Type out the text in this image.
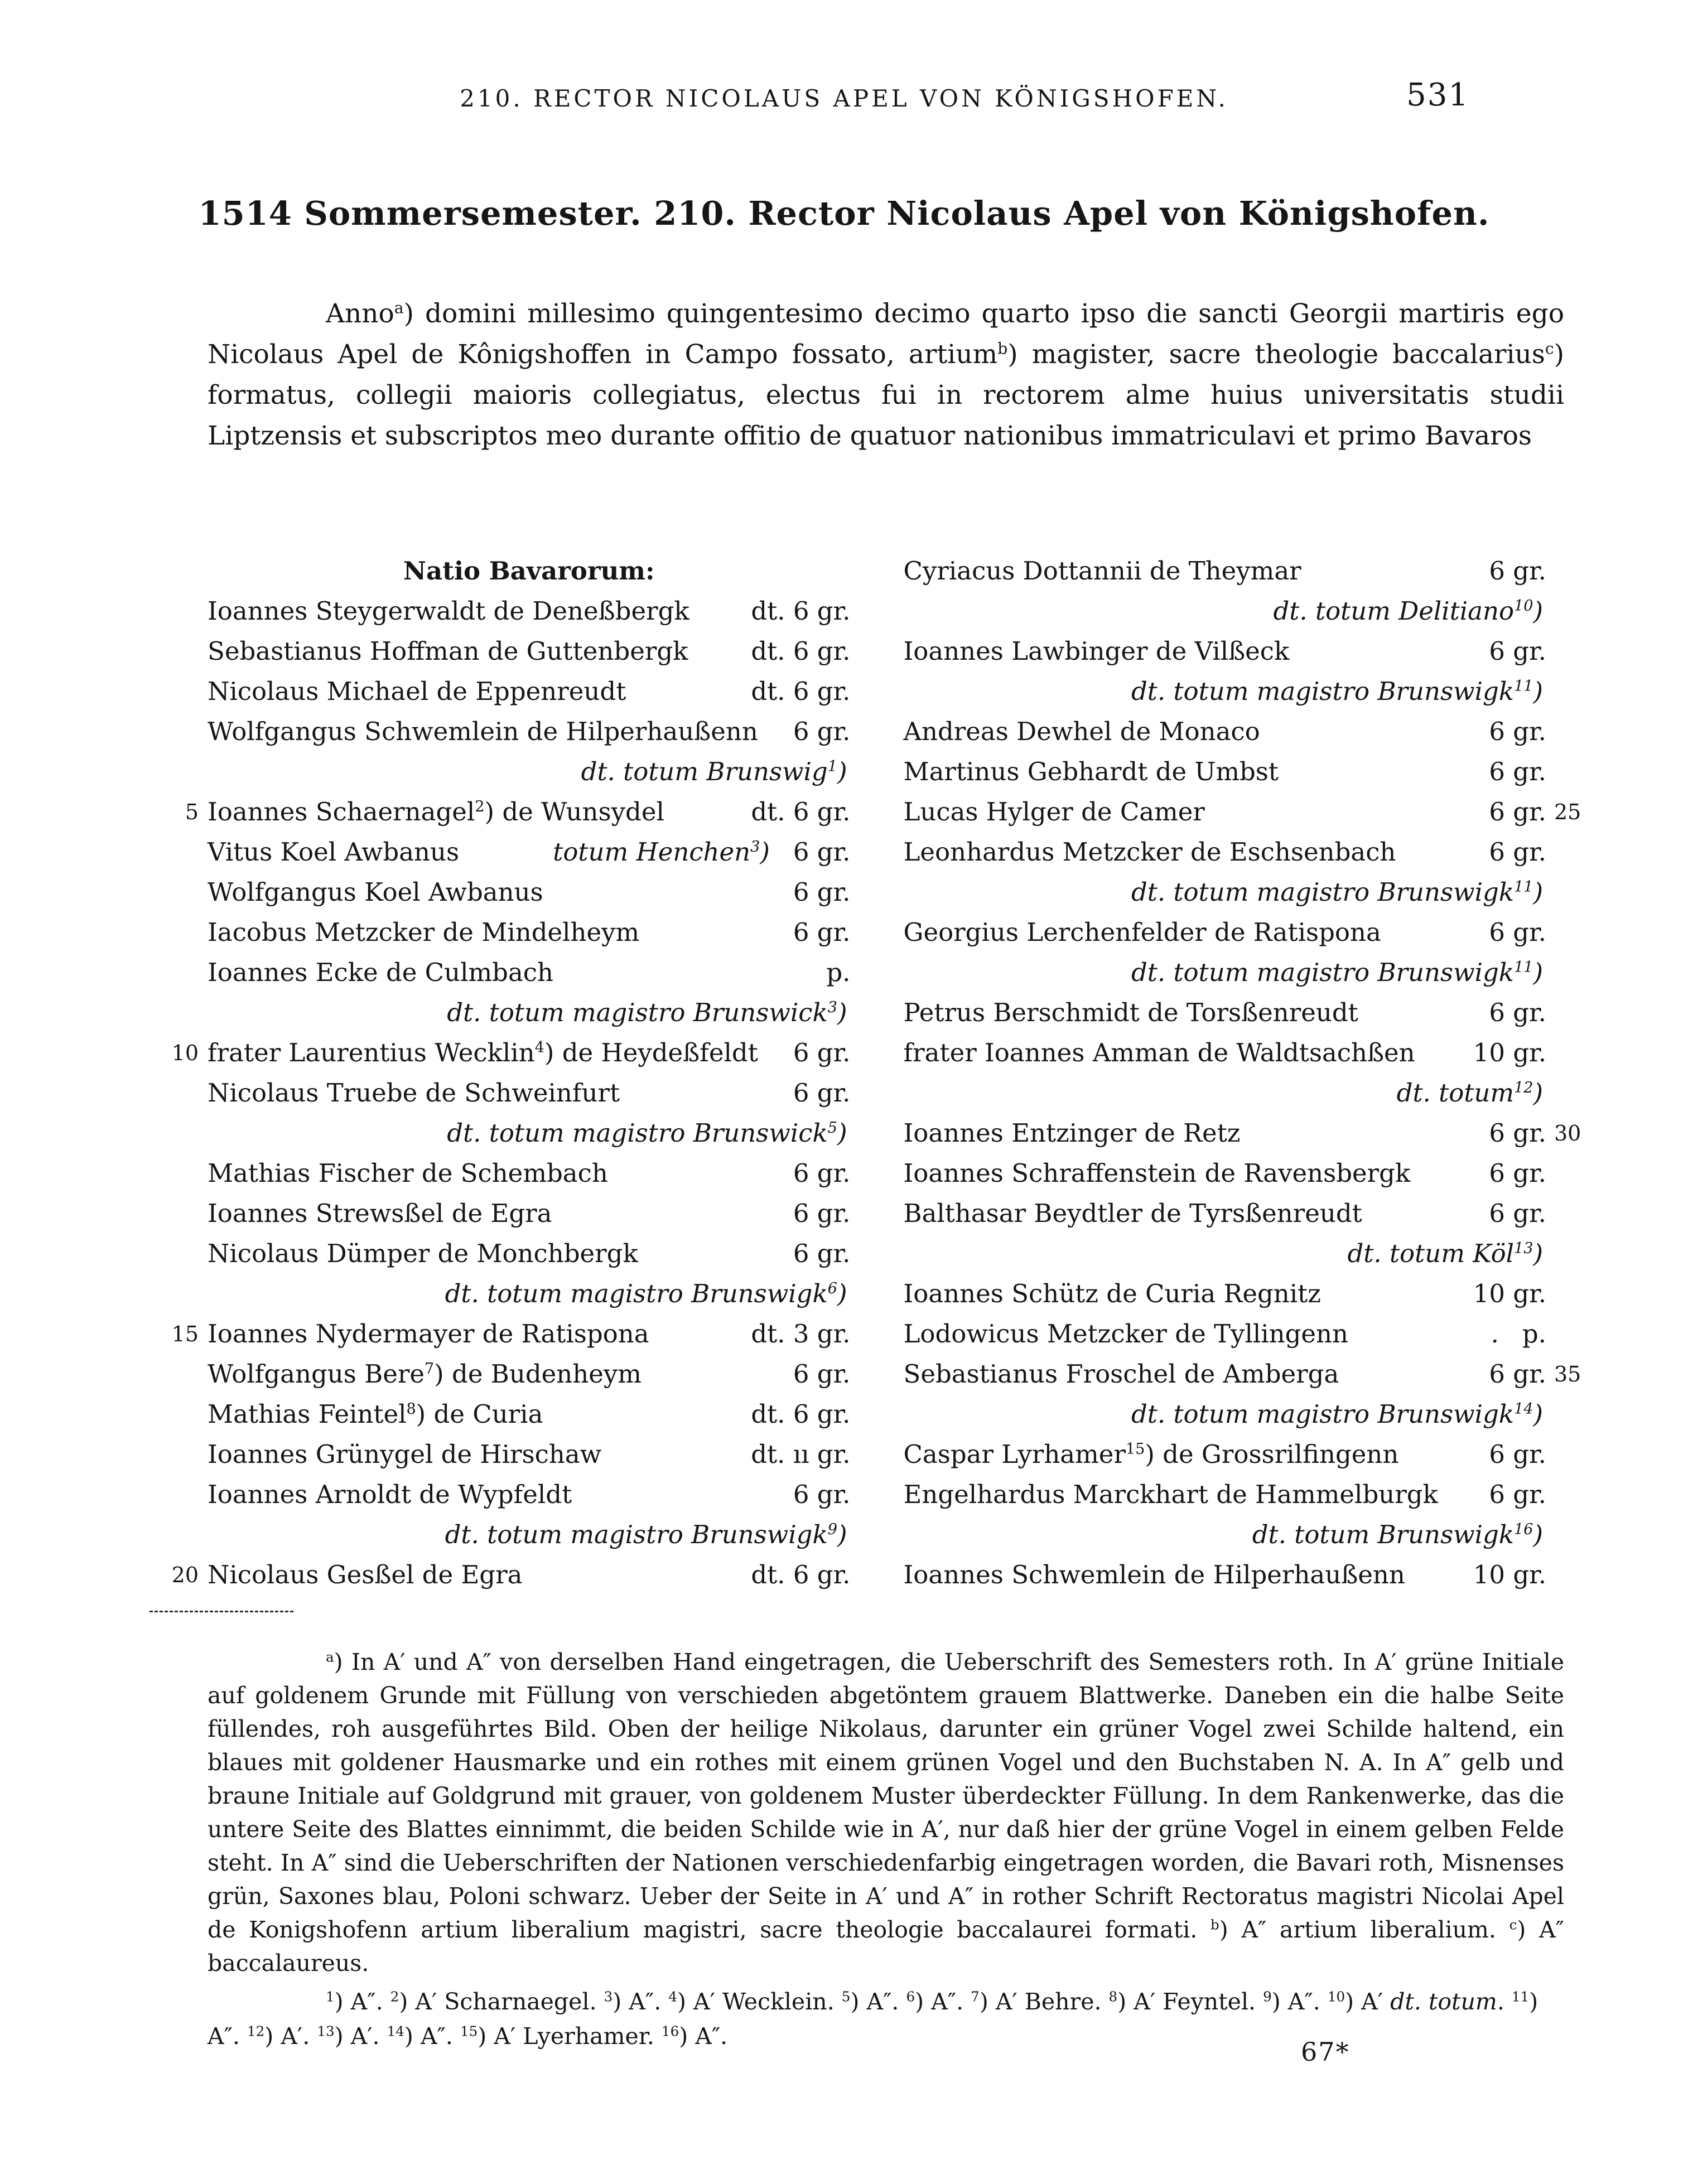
210. RECTOR NICOLAUS APEL VON KÖNIGSHOFEN.	531
1514 Sommersemester. 210. Rector Nicolaus Apel von Königshofen.
Anno$^a$) domini millesimo quingentesimo decimo quarto ipso die sancti Georgii martiris ego Nicolaus Apel de Kônigshoffen in Campo fossato, artium$^b$) magister, sacre theologie baccalarius$^c$) formatus, collegii maioris collegiatus, electus fui in rectorem alme huius universitatis studii Liptzensis et subscriptos meo durante offitio de quatuor nationibus immatriculavi et primo Bavaros
Natio Bavarorum:
Ioannes Steygerwaldt de Deneßbergk dt. 6 gr.
Sebastianus Hoffman de Guttenbergk	dt. 6 gr.
Nicolaus Michael de Eppenreudt	dt. 6 gr.
Wolfgangus Schwemlein de Hilperhaußenn 6 gr.
dt. totum Brunswig$^1$)
5 Ioannes Schaernagel$^2$) de Wunsydel	dt. 6 gr.
Vitus Koel Awbanus	totum Henchen$^3$) 6 gr.
Wolfgangus Koel Awbanus	6 gr.
Iacobus Metzcker de Mindelheym	6 gr.
Ioannes Ecke de Culmbach	p.
dt. totum magistro Brunswick$^3$)
10 frater Laurentius Wecklin$^4$) de Heydeßfeldt 6 gr.
Nicolaus Truebe de Schweinfurt	6 gr.
dt. totum magistro Brunswick$^5$)
Mathias Fischer de Schembach	6 gr.
Ioannes Strewsßel de Egra	6 gr.
Nicolaus Dümper de Monchbergk	6 gr.
dt. totum magistro Brunswigk$^6$)
15 Ioannes Nydermayer de Ratispona	dt. 3 gr.
Wolfgangus Bere$^7$) de Budenheym	6 gr.
Mathias Feintel$^8$) de Curia	dt. 6 gr.
Ioannes Grünygel de Hirschaw	dt. ıı gr.
Ioannes Arnoldt de Wypfeldt	6 gr.
dt. totum magistro Brunswigk$^9$)
20 Nicolaus Gesßel de Egra	dt. 6 gr.
Cyriacus Dottannii de Theymar	6 gr.
dt. totum Delitiano$^{10}$)
Ioannes Lawbinger de Vilßeck	6 gr.
dt. totum magistro Brunswigk$^{11}$)
Andreas Dewhel de Monaco	6 gr.
Martinus Gebhardt de Umbst	6 gr.
Lucas Hylger de Camer	6 gr. 25
Leonhardus Metzcker de Eschsenbach	6 gr.
dt. totum magistro Brunswigk$^{11}$)
Georgius Lerchenfelder de Ratispona	6 gr.
dt. totum magistro Brunswigk$^{11}$)
Petrus Berschmidt de Torsßenreudt	6 gr.
frater Ioannes Amman de Waldtsachßen 10 gr.
dt. totum$^{12}$)
Ioannes Entzinger de Retz	6 gr. 30
Ioannes Schraffenstein de Ravensbergk	6 gr.
Balthasar Beydtler de Tyrsßenreudt	6 gr.
dt. totum Köl$^{13}$)
Ioannes Schütz de Curia Regnitz	10 gr.
Lodowicus Metzcker de Tyllingenn	. p.
Sebastianus Froschel de Amberga	6 gr. 35
dt. totum magistro Brunswigk$^{14}$)
Caspar Lyrhamer$^{15}$) de Grossrilfingenn	6 gr.
Engelhardus Marckhart de Hammelburgk 6 gr.
dt. totum Brunswigk$^{16}$)
Ioannes Schwemlein de Hilperhaußenn	10 gr.
$^a$) In A′ und A″ von derselben Hand eingetragen, die Ueberschrift des Semesters roth. In A′ grüne Initiale auf goldenem Grunde mit Füllung von verschieden abgetöntem grauem Blattwerke. Daneben ein die halbe Seite füllendes, roh ausgeführtes Bild. Oben der heilige Nikolaus, darunter ein grüner Vogel zwei Schilde haltend, ein blaues mit goldener Hausmarke und ein rothes mit einem grünen Vogel und den Buchstaben N. A. In A″ gelb und braune Initiale auf Goldgrund mit grauer, von goldenem Muster überdeckter Füllung. In dem Rankenwerke, das die untere Seite des Blattes einnimmt, die beiden Schilde wie in A′, nur daß hier der grüne Vogel in einem gelben Felde steht. In A″ sind die Ueberschriften der Nationen verschiedenfarbig eingetragen worden, die Bavari roth, Misnenses grün, Saxones blau, Poloni schwarz. Ueber der Seite in A′ und A″ in rother Schrift Rectoratus magistri Nicolai Apel de Konigshofenn artium liberalium magistri, sacre theologie baccalaurei formati. $^b$) A″ artium liberalium. $^c$) A″ baccalaureus.
$^1$) A″. $^2$) A′ Scharnaegel. $^3$) A″. $^4$) A′ Wecklein. $^5$) A″. $^6$) A″. $^7$) A′ Behre. $^8$) A′ Feyntel. $^9$) A″. $^{10}$) A′ dt. totum. $^{11}$) A″. $^{12}$) A′. $^{13}$) A′. $^{14}$) A″. $^{15}$) A′ Lyerhamer. $^{16}$) A″.
67*
